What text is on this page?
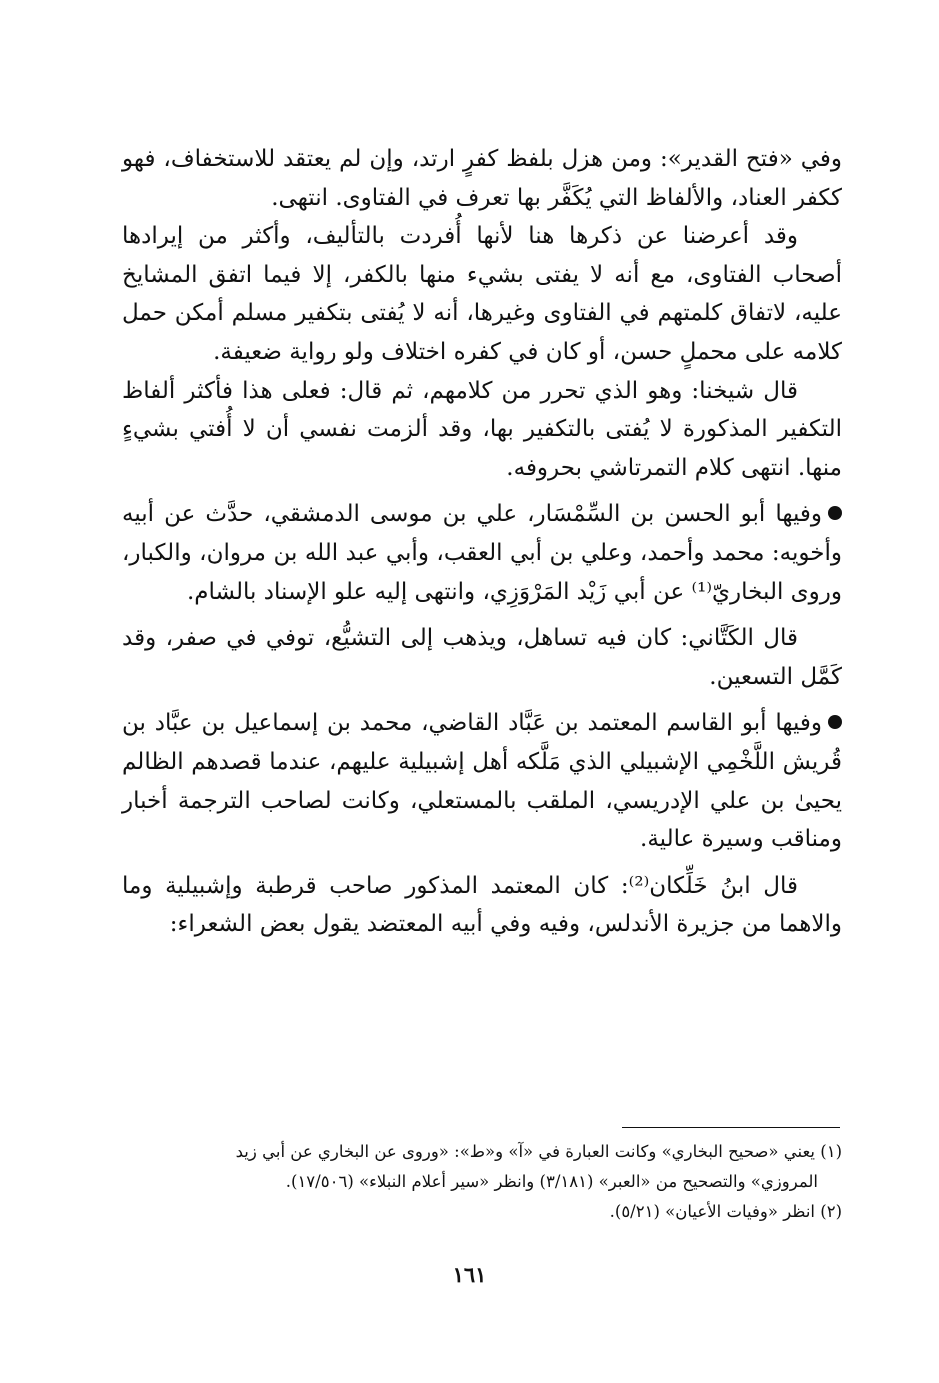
وفي «فتح القدير»: ومن هزل بلفظ كفرٍ ارتد، وإن لم يعتقد للاستخفاف، فهو ككفر العناد، والألفاظ التي يُكَفَّر بها تعرف في الفتاوى. انتهى.

وقد أعرضنا عن ذكرها هنا لأنها أُفردت بالتأليف، وأكثر من إيرادها أصحاب الفتاوى، مع أنه لا يفتى بشيء منها بالكفر، إلا فيما اتفق المشايخ عليه، لاتفاق كلمتهم في الفتاوى وغيرها، أنه لا يُفتى بتكفير مسلم أمكن حمل كلامه على محملٍ حسن، أو كان في كفره اختلاف ولو رواية ضعيفة.

قال شيخنا: وهو الذي تحرر من كلامهم، ثم قال: فعلى هذا فأكثر ألفاظ التكفير المذكورة لا يُفتى بالتكفير بها، وقد ألزمت نفسي أن لا أُفتي بشيءٍ منها. انتهى كلام التمرتاشي بحروفه.

وفيها أبو الحسن بن السِّمْسَار، علي بن موسى الدمشقي، حدَّث عن أبيه وأخويه: محمد وأحمد، وعلي بن أبي العقب، وأبي عبد الله بن مروان، والكبار، وروى البخاريّ⁽¹⁾ عن أبي زَيْد المَرْوَزِي، وانتهى إليه علو الإسناد بالشام.

قال الكَتَّاني: كان فيه تساهل، ويذهب إلى التشيُّع، توفي في صفر، وقد كَمَّل التسعين.

وفيها أبو القاسم المعتمد بن عَبَّاد القاضي، محمد بن إسماعيل بن عبَّاد بن قُريش اللَّخْمِي الإشبيلي الذي مَلَّكه أهل إشبيلية عليهم، عندما قصدهم الظالم يحيىٰ بن علي الإدريسي، الملقب بالمستعلي، وكانت لصاحب الترجمة أخبار ومناقب وسيرة عالية.

قال ابنُ خَلِّكان⁽²⁾: كان المعتمد المذكور صاحب قرطبة وإشبيلية وما والاهما من جزيرة الأندلس، وفيه وفي أبيه المعتضد يقول بعض الشعراء:

(١) يعني «صحيح البخاري» وكانت العبارة في «آ» و«ط»: «وروى عن البخاري عن أبي زيد

المروزي» والتصحيح من «العبر» (٣/١٨١) وانظر «سير أعلام النبلاء» (١٧/٥٠٦).

(٢) انظر «وفيات الأعيان» (٥/٢١).

١٦١
